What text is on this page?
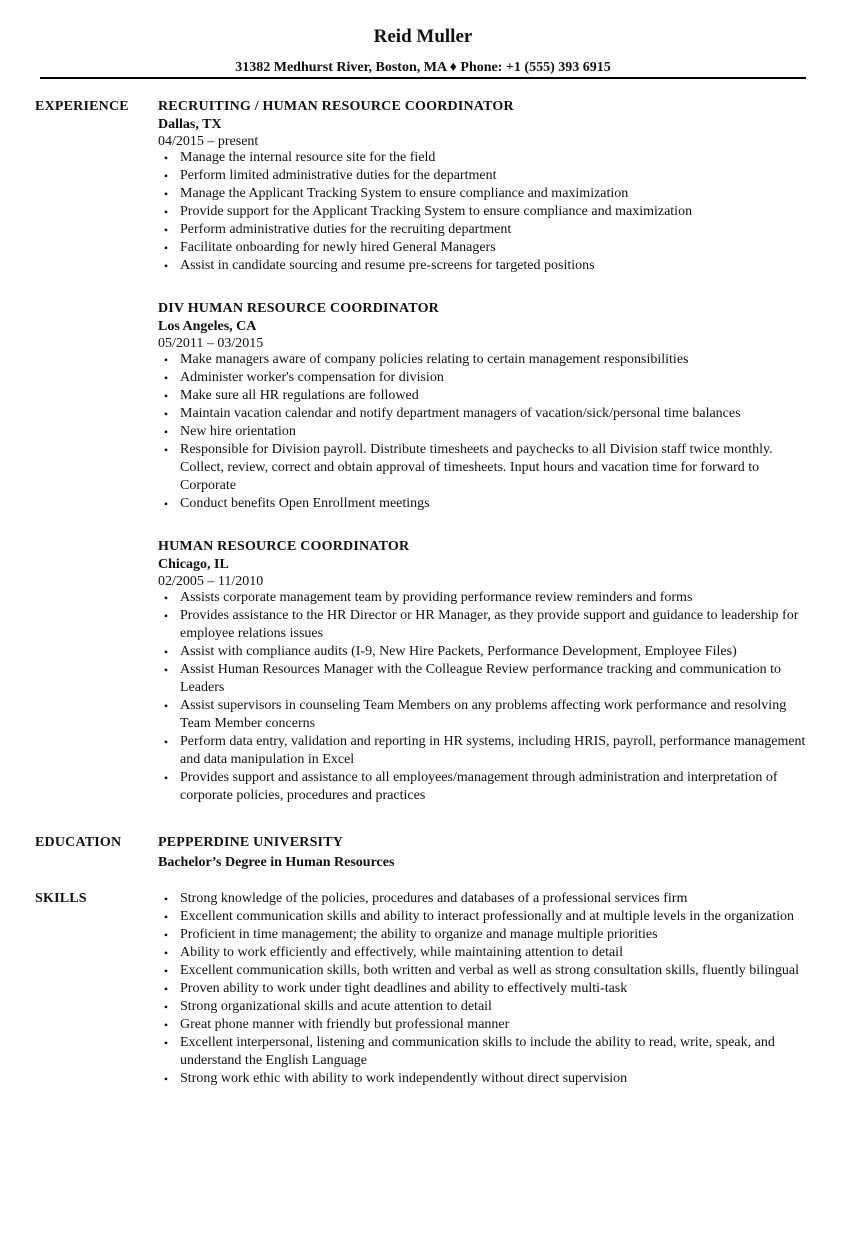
Reid Muller
31382 Medhurst River, Boston, MA ♦ Phone: +1 (555) 393 6915
EXPERIENCE RECRUITING / HUMAN RESOURCE COORDINATOR
Dallas, TX
04/2015 – present
• Manage the internal resource site for the field
• Perform limited administrative duties for the department
• Manage the Applicant Tracking System to ensure compliance and maximization
• Provide support for the Applicant Tracking System to ensure compliance and maximization
• Perform administrative duties for the recruiting department
• Facilitate onboarding for newly hired General Managers
• Assist in candidate sourcing and resume pre-screens for targeted positions
DIV HUMAN RESOURCE COORDINATOR
Los Angeles, CA
05/2011 – 03/2015
• Make managers aware of company policies relating to certain management responsibilities
• Administer worker's compensation for division
• Make sure all HR regulations are followed
• Maintain vacation calendar and notify department managers of vacation/sick/personal time balances
• New hire orientation
• Responsible for Division payroll. Distribute timesheets and paychecks to all Division staff twice monthly. Collect, review, correct and obtain approval of timesheets. Input hours and vacation time for forward to Corporate
• Conduct benefits Open Enrollment meetings
HUMAN RESOURCE COORDINATOR
Chicago, IL
02/2005 – 11/2010
• Assists corporate management team by providing performance review reminders and forms
• Provides assistance to the HR Director or HR Manager, as they provide support and guidance to leadership for employee relations issues
• Assist with compliance audits (I-9, New Hire Packets, Performance Development, Employee Files)
• Assist Human Resources Manager with the Colleague Review performance tracking and communication to Leaders
• Assist supervisors in counseling Team Members on any problems affecting work performance and resolving Team Member concerns
• Perform data entry, validation and reporting in HR systems, including HRIS, payroll, performance management and data manipulation in Excel
• Provides support and assistance to all employees/management through administration and interpretation of corporate policies, procedures and practices
EDUCATION	PEPPERDINE UNIVERSITY
Bachelor’s Degree in Human Resources
SKILLS	• Strong knowledge of the policies, procedures and databases of a professional services firm
• Excellent communication skills and ability to interact professionally and at multiple levels in the organization
• Proficient in time management; the ability to organize and manage multiple priorities
• Ability to work efficiently and effectively, while maintaining attention to detail
• Excellent communication skills, both written and verbal as well as strong consultation skills, fluently bilingual
• Proven ability to work under tight deadlines and ability to effectively multi-task
• Strong organizational skills and acute attention to detail
• Great phone manner with friendly but professional manner
• Excellent interpersonal, listening and communication skills to include the ability to read, write, speak, and understand the English Language
• Strong work ethic with ability to work independently without direct supervision
